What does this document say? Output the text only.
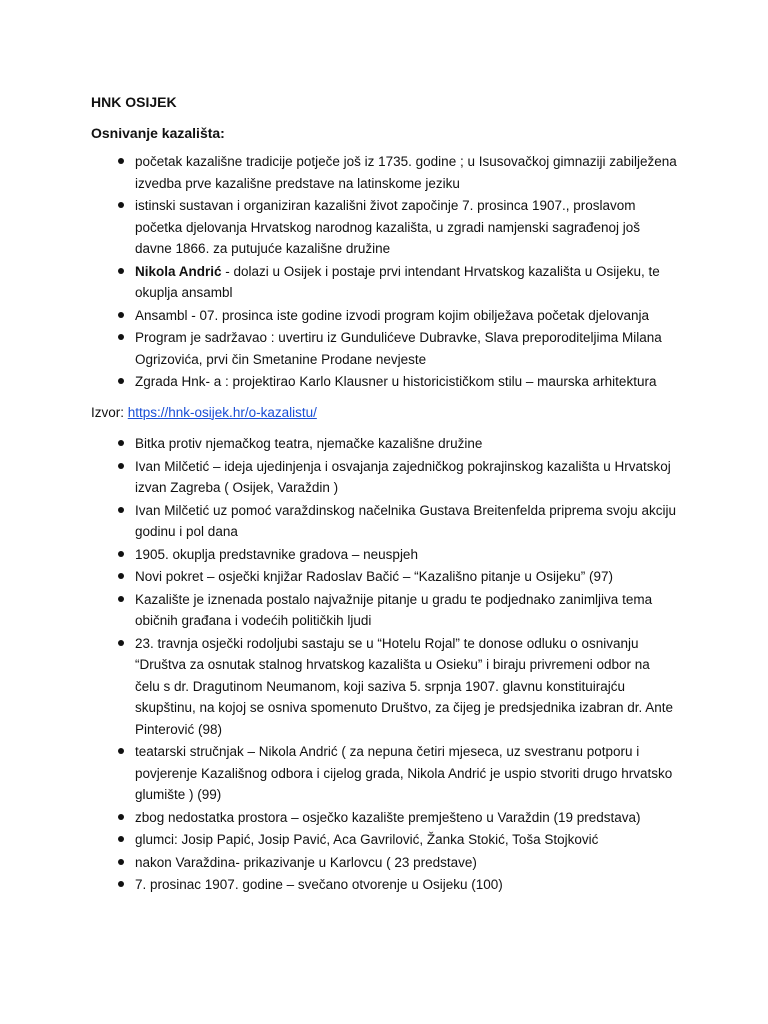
HNK OSIJEK
Osnivanje kazališta:
početak kazališne tradicije potječe još iz 1735. godine ; u Isusovačkoj gimnaziji zabilježena izvedba prve kazališne predstave na latinskome jeziku
istinski sustavan i organiziran kazališni život započinje 7. prosinca 1907., proslavom početka djelovanja Hrvatskog narodnog kazališta, u zgradi namjenski sagrađenoj još davne 1866. za putujuće kazališne družine
Nikola Andrić - dolazi u Osijek i postaje prvi intendant Hrvatskog kazališta u Osijeku, te okuplja ansambl
Ansambl - 07. prosinca iste godine izvodi program kojim obilježava početak djelovanja
Program je sadržavao : uvertiru iz Gundulićeve Dubravke, Slava preporoditeljima Milana Ogrizovića, prvi čin Smetanine Prodane nevjeste
Zgrada Hnk- a : projektirao Karlo Klausner u historicističkom stilu – maurska arhitektura
Izvor: https://hnk-osijek.hr/o-kazalistu/
Bitka protiv njemačkog teatra, njemačke kazališne družine
Ivan Milčetić – ideja ujedinjenja i osvajanja zajedničkog pokrajinskog kazališta u Hrvatskoj izvan Zagreba ( Osijek, Varaždin )
Ivan Milčetić uz pomoć varaždinskog načelnika Gustava Breitenfelda priprema svoju akciju godinu i pol dana
1905. okuplja predstavnike gradova – neuspjeh
Novi pokret – osječki knjižar Radoslav Bačić – “Kazališno pitanje u Osijeku” (97)
Kazalište je iznenada postalo najvažnije pitanje u gradu te podjednako zanimljiva tema običnih građana i vodećih političkih ljudi
23. travnja osječki rodoljubi sastaju se u “Hotelu Rojal” te donose odluku o osnivanju “Društva za osnutak stalnog hrvatskog kazališta u Osieku” i biraju privremeni odbor na čelu s dr. Dragutinom Neumanom, koji saziva 5. srpnja 1907. glavnu konstituirajću skupštinu, na kojoj se osniva spomenuto Društvo, za čijeg je predsjednika izabran dr. Ante Pinterović (98)
teatarski stručnjak – Nikola Andrić ( za nepuna četiri mjeseca, uz svestranu potporu i povjerenje Kazališnog odbora i cijelog grada, Nikola Andrić je uspio stvoriti drugo hrvatsko glumište ) (99)
zbog nedostatka prostora – osječko kazalište premješteno u Varaždin (19 predstava)
glumci: Josip Papić, Josip Pavić, Aca Gavrilović, Žanka Stokić, Toša Stojković
nakon Varaždina- prikazivanje u Karlovcu ( 23 predstave)
7. prosinac 1907. godine – svečano otvorenje u Osijeku (100)
